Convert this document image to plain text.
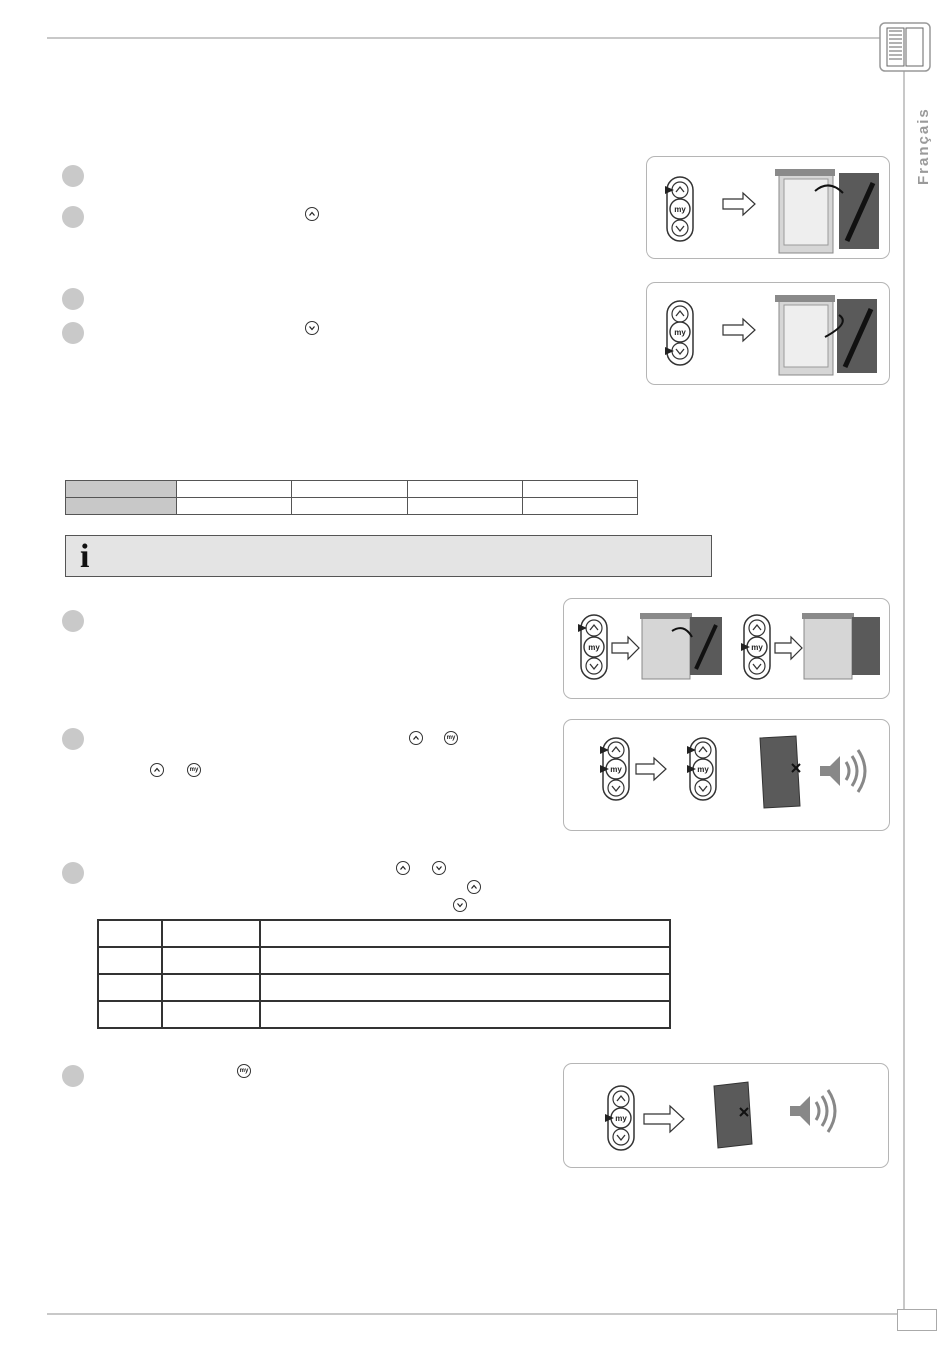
Français
my
my

i
my	my
my
my	my	my

my
my
